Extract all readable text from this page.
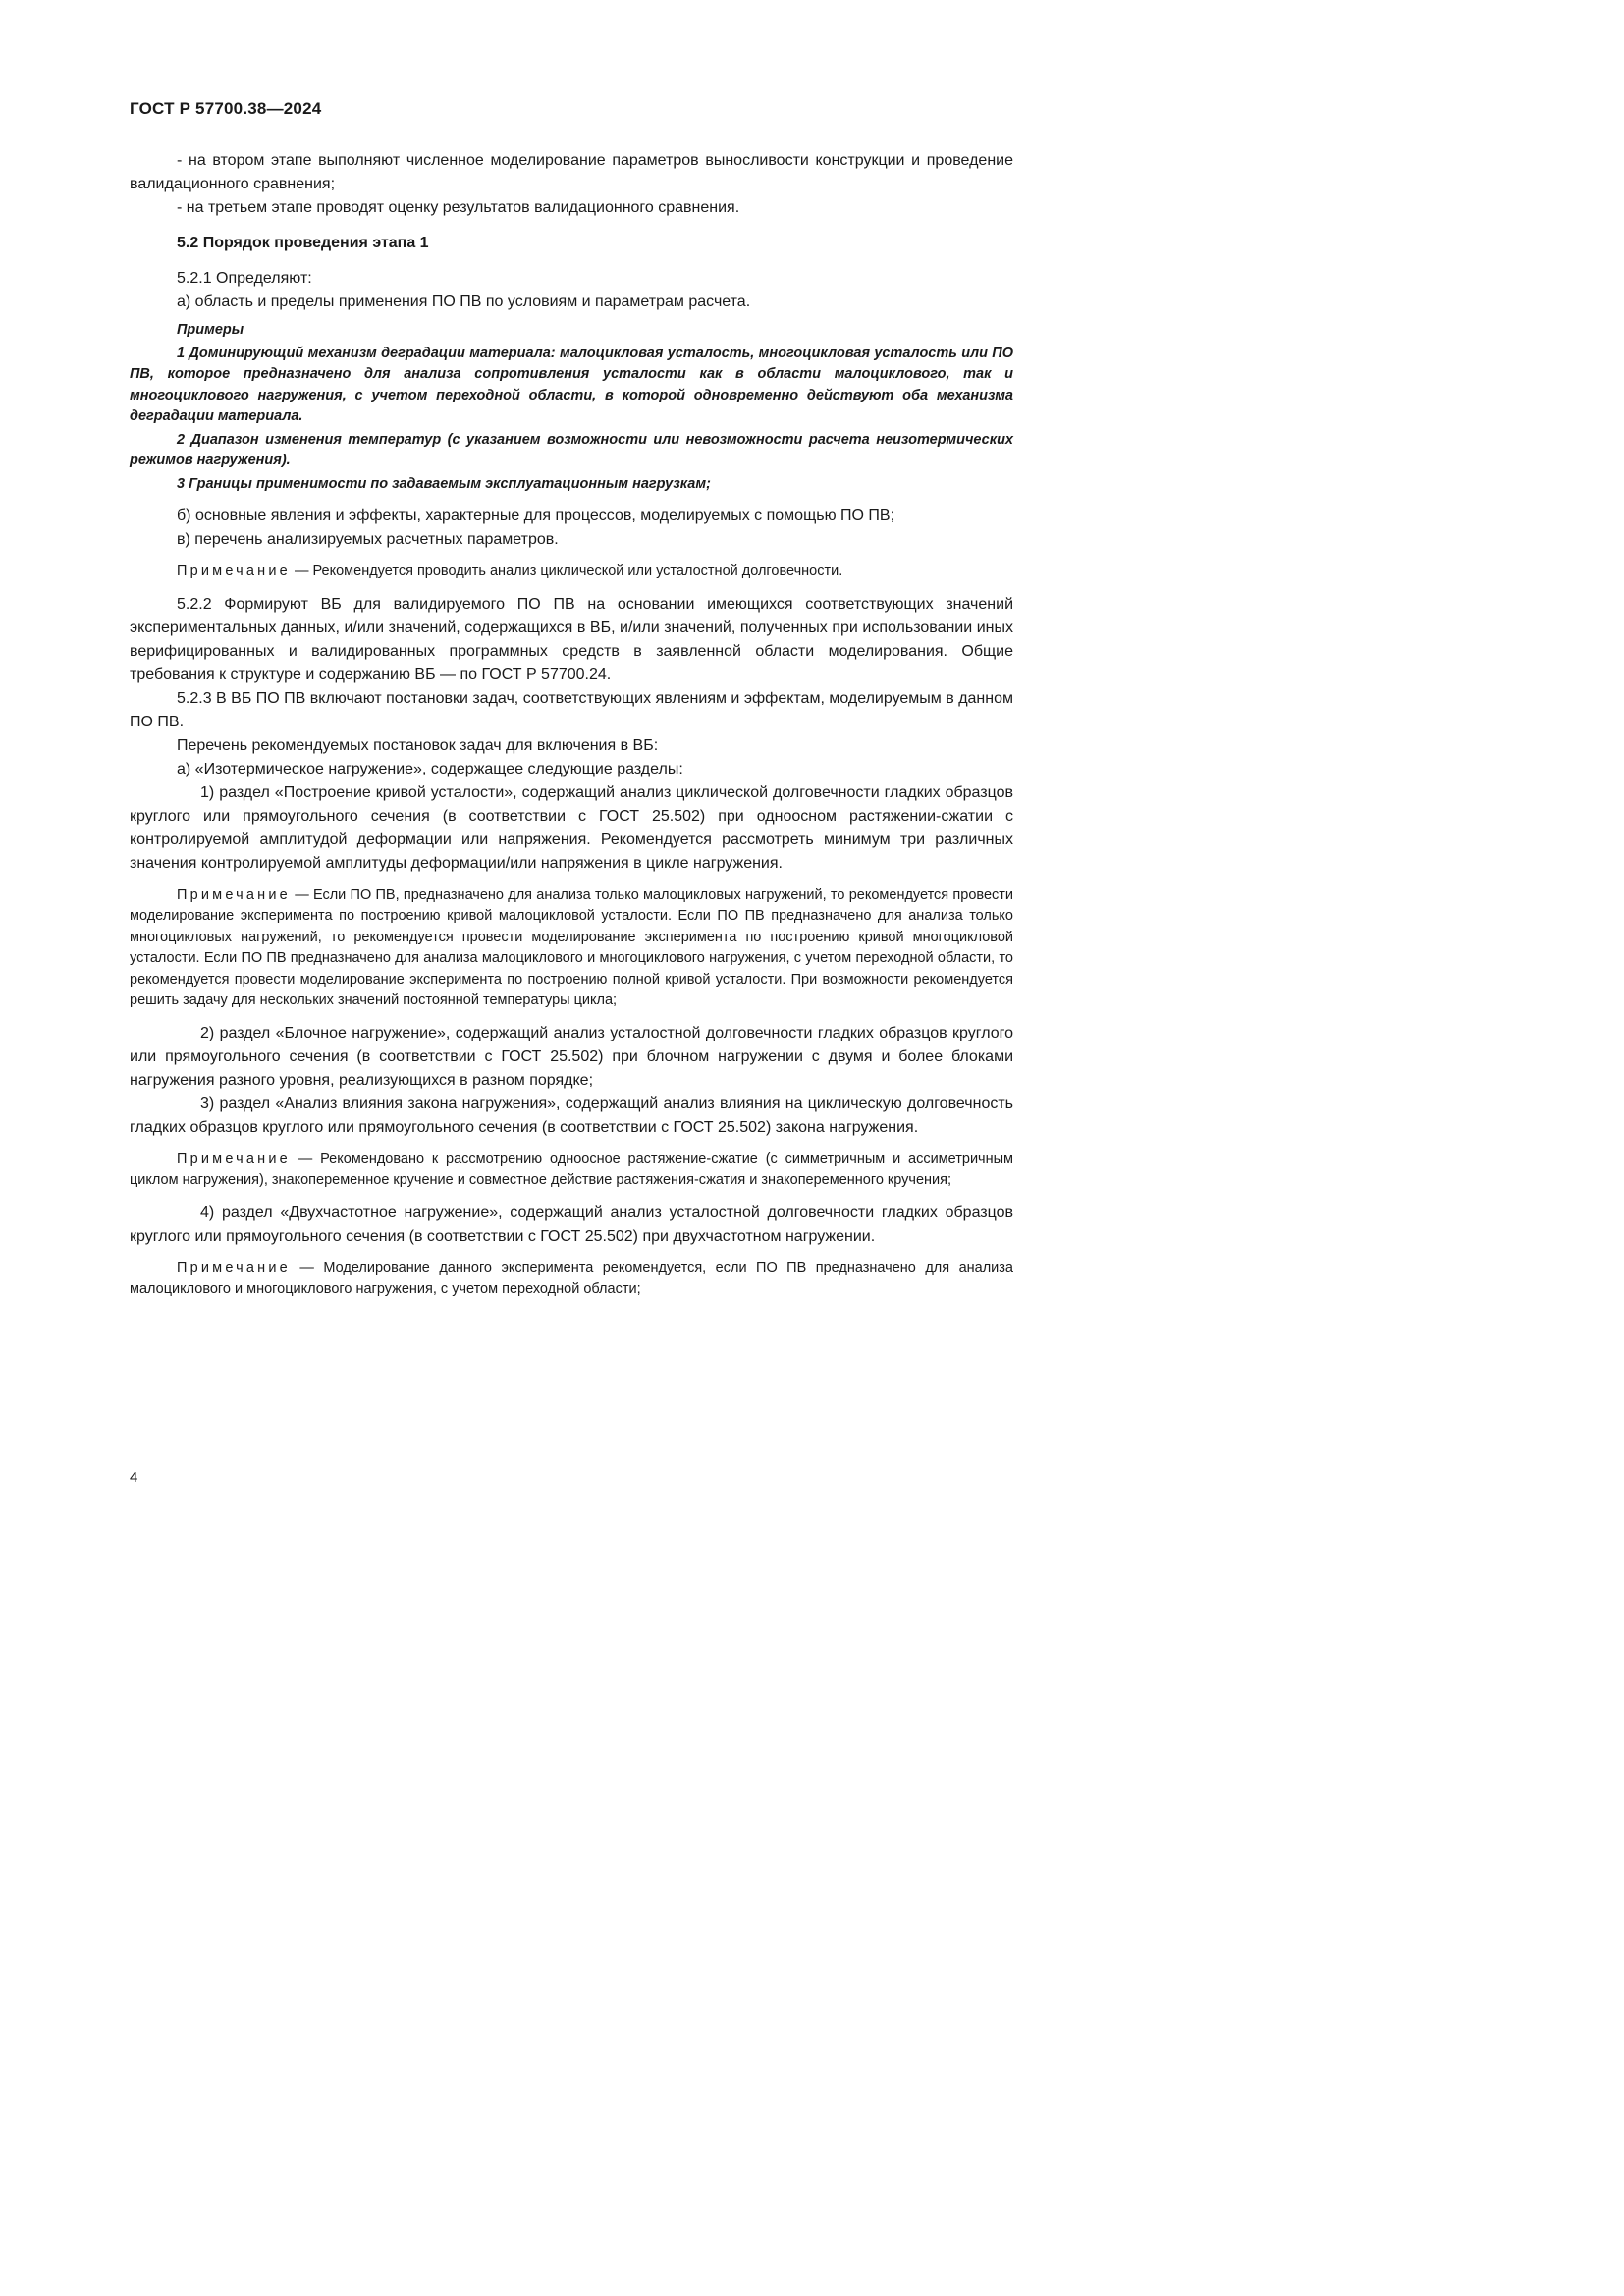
ГОСТ Р 57700.38—2024

- на втором этапе выполняют численное моделирование параметров выносливости конструкции и проведение валидационного сравнения;

- на третьем этапе проводят оценку результатов валидационного сравнения.

5.2 Порядок проведения этапа 1

5.2.1 Определяют:

а) область и пределы применения ПО ПВ по условиям и параметрам расчета.

Примеры

1 Доминирующий механизм деградации материала: малоцикловая усталость, многоцикловая усталость или ПО ПВ, которое предназначено для анализа сопротивления усталости как в области малоциклового, так и многоциклового нагружения, с учетом переходной области, в которой одновременно действуют оба механизма деградации материала.

2 Диапазон изменения температур (с указанием возможности или невозможности расчета неизотермических режимов нагружения).

3 Границы применимости по задаваемым эксплуатационным нагрузкам;

б) основные явления и эффекты, характерные для процессов, моделируемых с помощью ПО ПВ;

в) перечень анализируемых расчетных параметров.

Примечание — Рекомендуется проводить анализ циклической или усталостной долговечности.

5.2.2 Формируют ВБ для валидируемого ПО ПВ на основании имеющихся соответствующих значений экспериментальных данных, и/или значений, содержащихся в ВБ, и/или значений, полученных при использовании иных верифицированных и валидированных программных средств в заявленной области моделирования. Общие требования к структуре и содержанию ВБ — по ГОСТ Р 57700.24.

5.2.3 В ВБ ПО ПВ включают постановки задач, соответствующих явлениям и эффектам, моделируемым в данном ПО ПВ.

Перечень рекомендуемых постановок задач для включения в ВБ:

а) «Изотермическое нагружение», содержащее следующие разделы:

1) раздел «Построение кривой усталости», содержащий анализ циклической долговечности гладких образцов круглого или прямоугольного сечения (в соответствии с ГОСТ 25.502) при одноосном растяжении-сжатии с контролируемой амплитудой деформации или напряжения. Рекомендуется рассмотреть минимум три различных значения контролируемой амплитуды деформации/или напряжения в цикле нагружения.

Примечание — Если ПО ПВ, предназначено для анализа только малоцикловых нагружений, то рекомендуется провести моделирование эксперимента по построению кривой малоцикловой усталости. Если ПО ПВ предназначено для анализа только многоцикловых нагружений, то рекомендуется провести моделирование эксперимента по построению кривой многоцикловой усталости. Если ПО ПВ предназначено для анализа малоциклового и многоциклового нагружения, с учетом переходной области, то рекомендуется провести моделирование эксперимента по построению полной кривой усталости. При возможности рекомендуется решить задачу для нескольких значений постоянной температуры цикла;

2) раздел «Блочное нагружение», содержащий анализ усталостной долговечности гладких образцов круглого или прямоугольного сечения (в соответствии с ГОСТ 25.502) при блочном нагружении с двумя и более блоками нагружения разного уровня, реализующихся в разном порядке;

3) раздел «Анализ влияния закона нагружения», содержащий анализ влияния на циклическую долговечность гладких образцов круглого или прямоугольного сечения (в соответствии с ГОСТ 25.502) закона нагружения.

Примечание — Рекомендовано к рассмотрению одноосное растяжение-сжатие (с симметричным и ассиметричным циклом нагружения), знакопеременное кручение и совместное действие растяжения-сжатия и знакопеременного кручения;

4) раздел «Двухчастотное нагружение», содержащий анализ усталостной долговечности гладких образцов круглого или прямоугольного сечения (в соответствии с ГОСТ 25.502) при двухчастотном нагружении.

Примечание — Моделирование данного эксперимента рекомендуется, если ПО ПВ предназначено для анализа малоциклового и многоциклового нагружения, с учетом переходной области;

4
